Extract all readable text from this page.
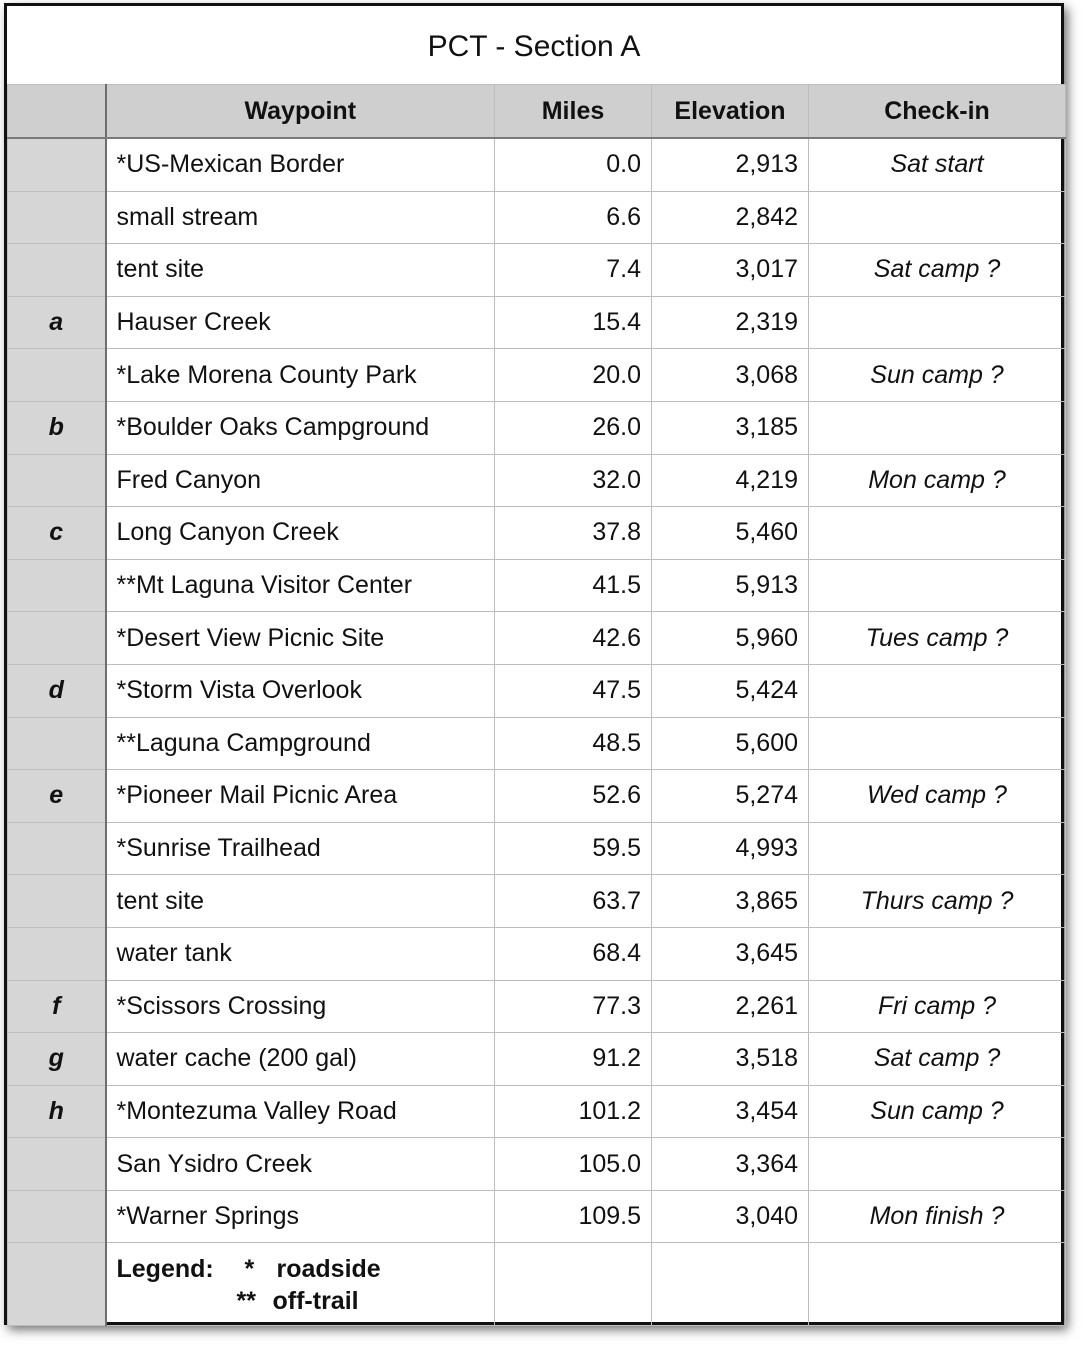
PCT - Section A
	Waypoint	Miles	Elevation	Check-in
	*US-Mexican Border	0.0	2,913	Sat start
	small stream	6.6	2,842	
	tent site	7.4	3,017	Sat camp ?
a	Hauser Creek	15.4	2,319	
	*Lake Morena County Park	20.0	3,068	Sun camp ?
b	*Boulder Oaks Campground	26.0	3,185	
	Fred Canyon	32.0	4,219	Mon camp ?
c	Long Canyon Creek	37.8	5,460	
	**Mt Laguna Visitor Center	41.5	5,913	
	*Desert View Picnic Site	42.6	5,960	Tues camp ?
d	*Storm Vista Overlook	47.5	5,424	
	**Laguna Campground	48.5	5,600	
e	*Pioneer Mail Picnic Area	52.6	5,274	Wed camp ?
	*Sunrise Trailhead	59.5	4,993	
	tent site	63.7	3,865	Thurs camp ?
	water tank	68.4	3,645	
f	*Scissors Crossing	77.3	2,261	Fri camp ?
g	water cache (200 gal)	91.2	3,518	Sat camp ?
h	*Montezuma Valley Road	101.2	3,454	Sun camp ?
	San Ysidro Creek	105.0	3,364	
	*Warner Springs	109.5	3,040	Mon finish ?

	Legend: * roadside
** off-trail			
